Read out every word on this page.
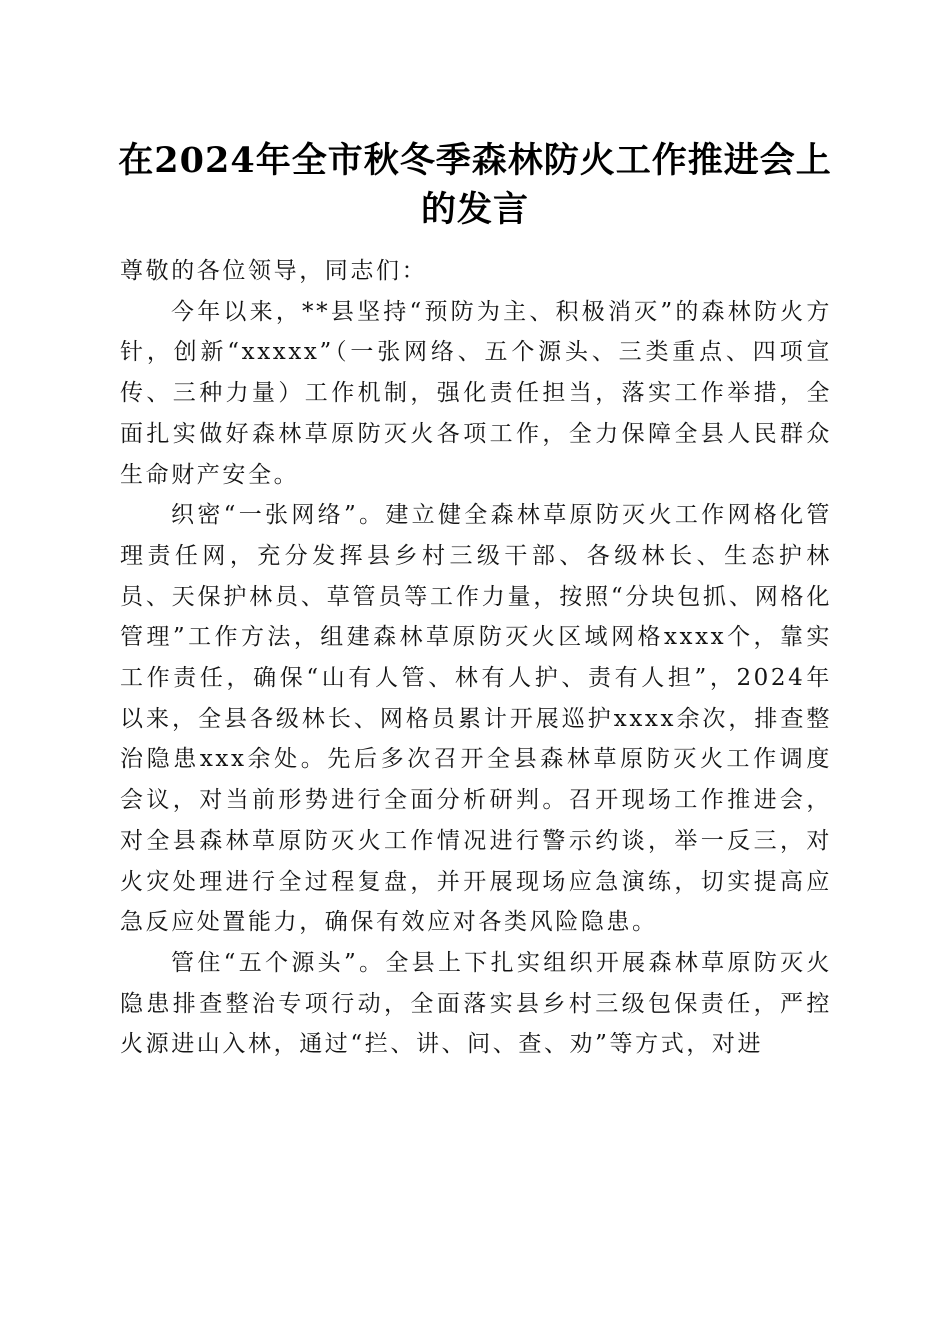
在2024年全市秋冬季森林防火工作推进会上
的发言

尊敬的各位领导，同志们：

今年以来，**县坚持“预防为主、积极消灭”的森林防火方针，创新“xxxxx”（一张网络、五个源头、三类重点、四项宣传、三种力量）工作机制，强化责任担当，落实工作举措，全面扎实做好森林草原防灭火各项工作，全力保障全县人民群众生命财产安全。

织密“一张网络”。建立健全森林草原防灭火工作网格化管理责任网，充分发挥县乡村三级干部、各级林长、生态护林员、天保护林员、草管员等工作力量，按照“分块包抓、网格化管理”工作方法，组建森林草原防灭火区域网格xxxx个，靠实工作责任，确保“山有人管、林有人护、责有人担”，2024年以来，全县各级林长、网格员累计开展巡护xxxx余次，排查整治隐患xxx余处。先后多次召开全县森林草原防灭火工作调度会议，对当前形势进行全面分析研判。召开现场工作推进会，对全县森林草原防灭火工作情况进行警示约谈，举一反三，对火灾处理进行全过程复盘，并开展现场应急演练，切实提高应急反应处置能力，确保有效应对各类风险隐患。

管住“五个源头”。全县上下扎实组织开展森林草原防灭火隐患排查整治专项行动，全面落实县乡村三级包保责任，严控火源进山入林，通过“拦、讲、问、查、劝”等方式，对进
